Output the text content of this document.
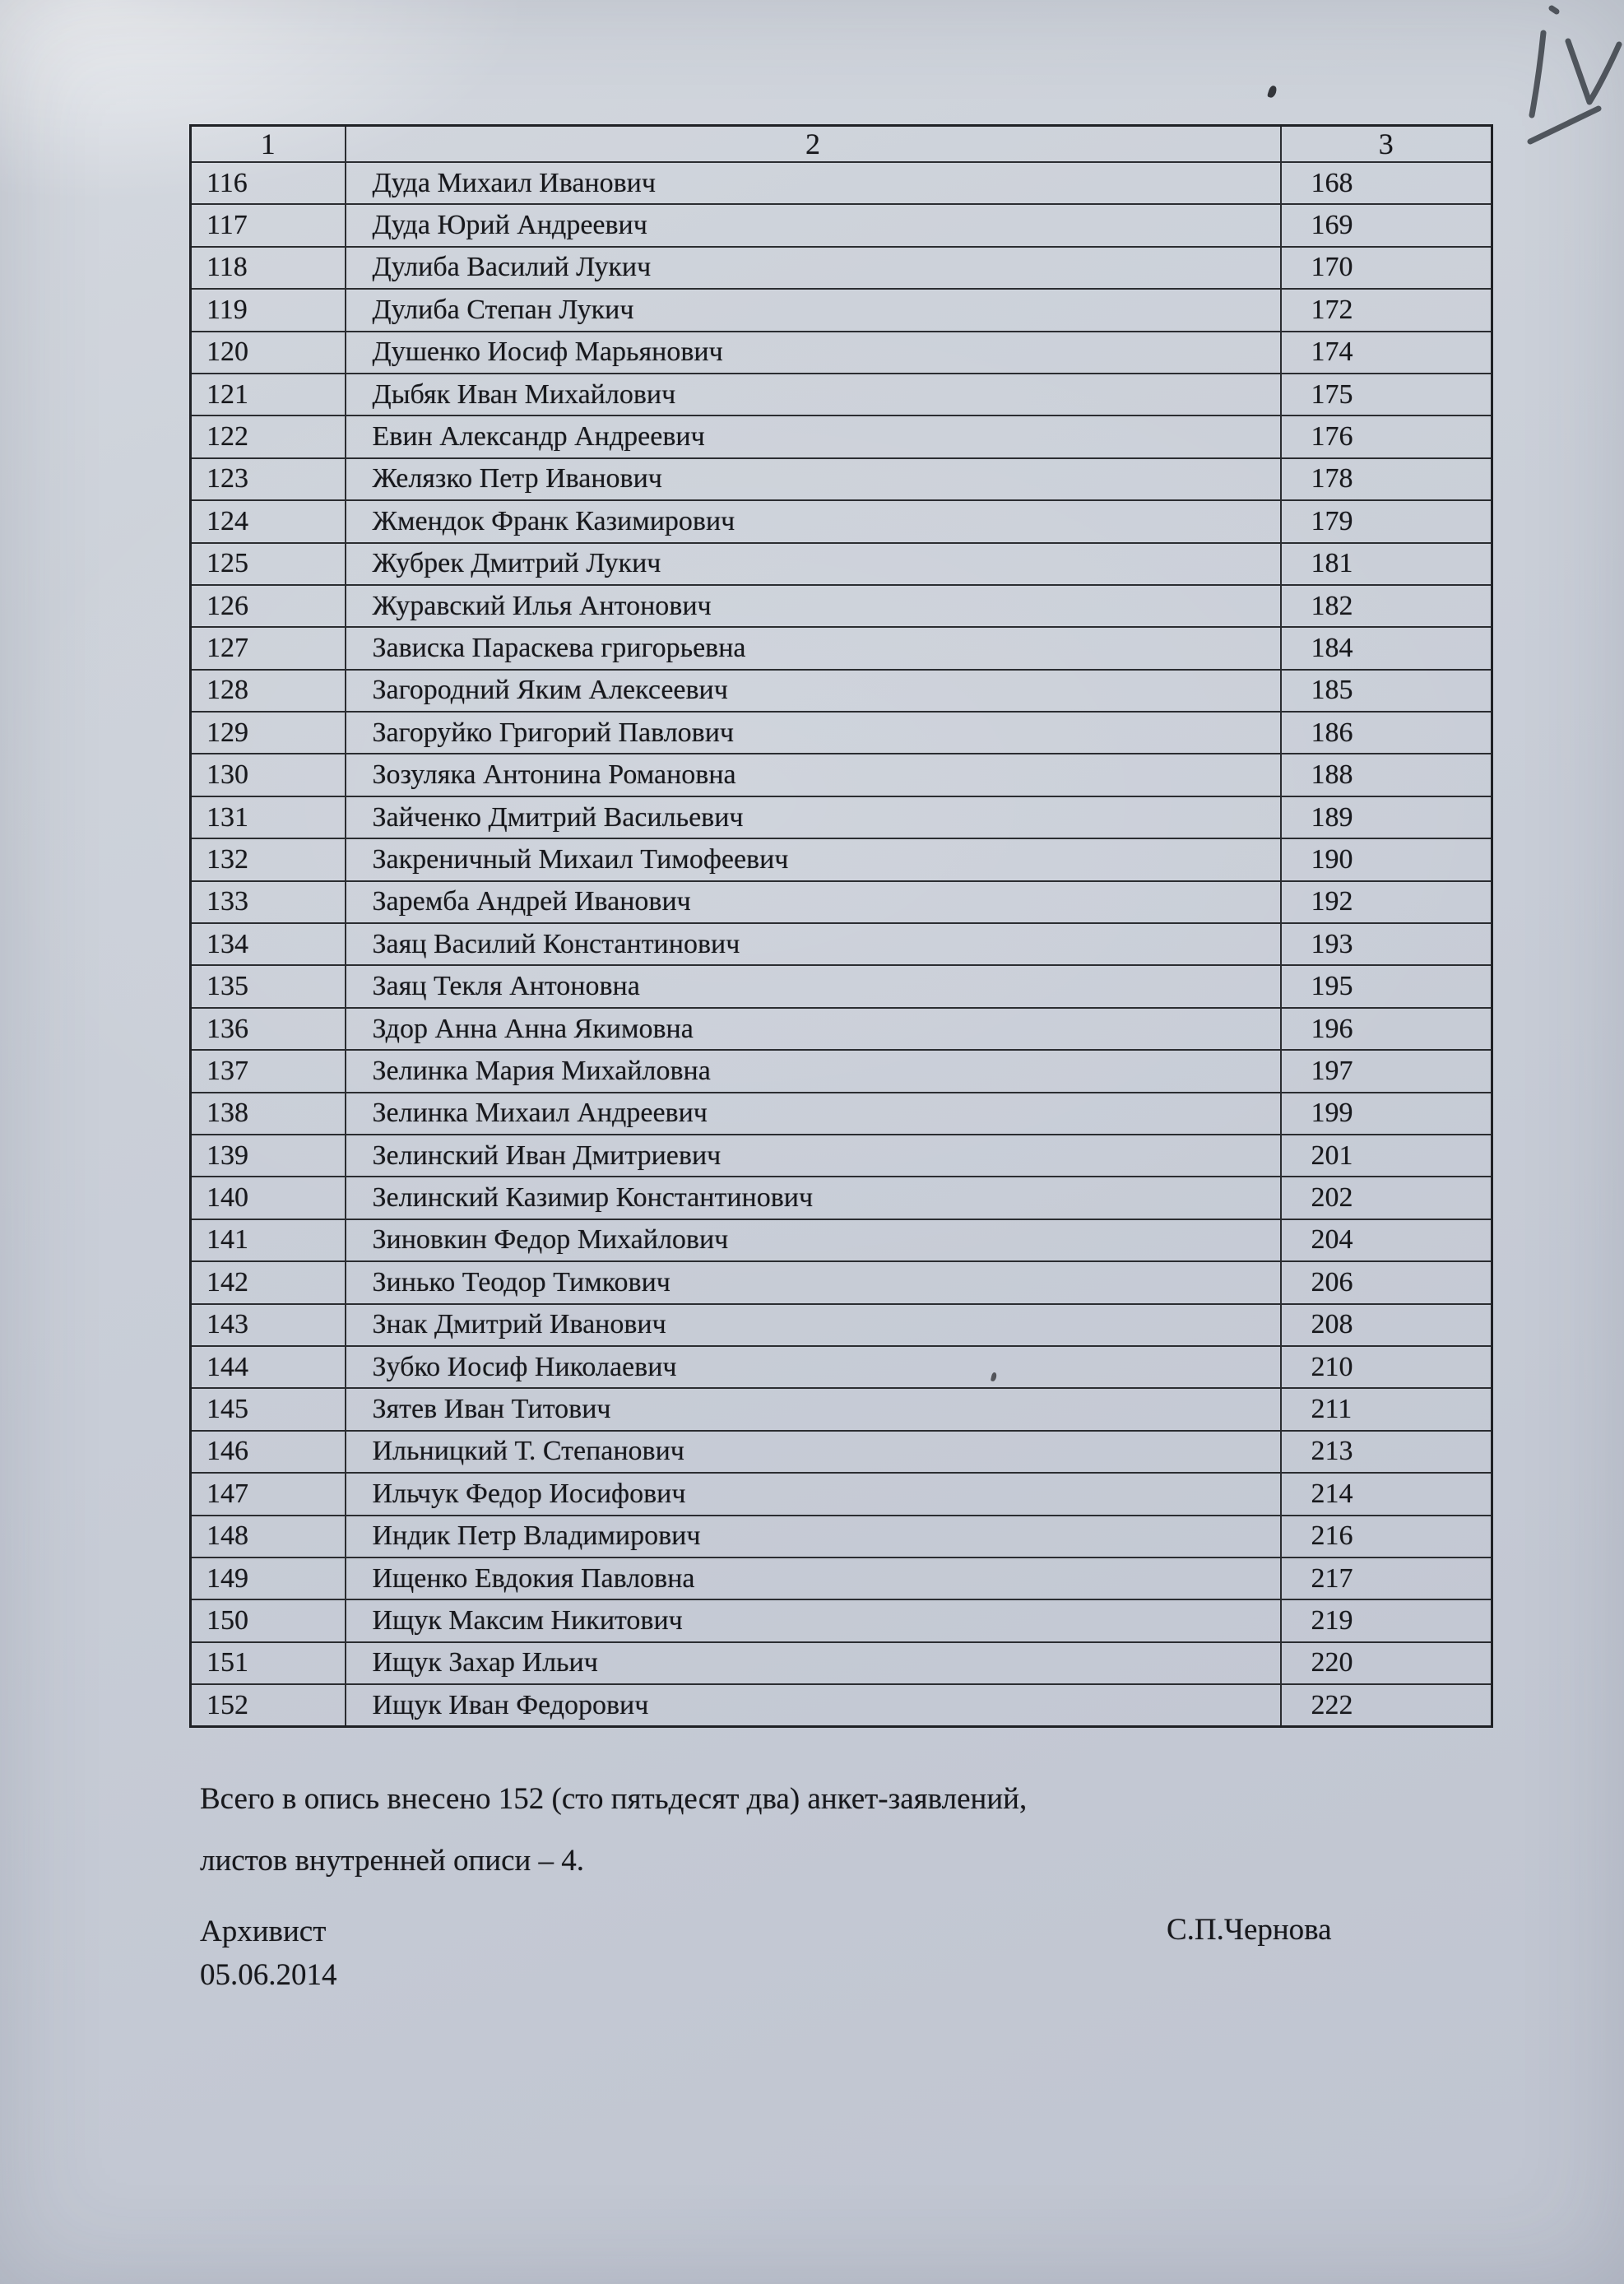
1	2	3
116	Дуда Михаил Иванович	168
117	Дуда Юрий Андреевич	169
118	Дулиба Василий Лукич	170
119	Дулиба Степан Лукич	172
120	Душенко Иосиф Марьянович	174
121	Дыбяк Иван Михайлович	175
122	Евин Александр Андреевич	176
123	Желязко Петр Иванович	178
124	Жмендок Франк Казимирович	179
125	Жубрек Дмитрий Лукич	181
126	Журавский Илья Антонович	182
127	Зависка Параскева григорьевна	184
128	Загородний Яким Алексеевич	185
129	Загоруйко Григорий Павлович	186
130	Зозуляка Антонина Романовна	188
131	Зайченко Дмитрий Васильевич	189
132	Закреничный Михаил Тимофеевич	190
133	Заремба Андрей Иванович	192
134	Заяц Василий Константинович	193
135	Заяц Текля Антоновна	195
136	Здор Анна Анна Якимовна	196
137	Зелинка Мария Михайловна	197
138	Зелинка Михаил Андреевич	199
139	Зелинский Иван Дмитриевич	201
140	Зелинский Казимир Константинович	202
141	Зиновкин Федор Михайлович	204
142	Зинько Теодор Тимкович	206
143	Знак Дмитрий Иванович	208
144	Зубко Иосиф Николаевич	210
145	Зятев Иван Титович	211
146	Ильницкий Т. Степанович	213
147	Ильчук Федор Иосифович	214
148	Индик Петр Владимирович	216
149	Ищенко Евдокия Павловна	217
150	Ищук Максим Никитович	219
151	Ищук Захар Ильич	220
152	Ищук Иван Федорович	222
Всего в опись внесено 152 (сто пятьдесят два) анкет-заявлений,
листов внутренней описи – 4.
Архивист
05.06.2014
С.П.Чернова
